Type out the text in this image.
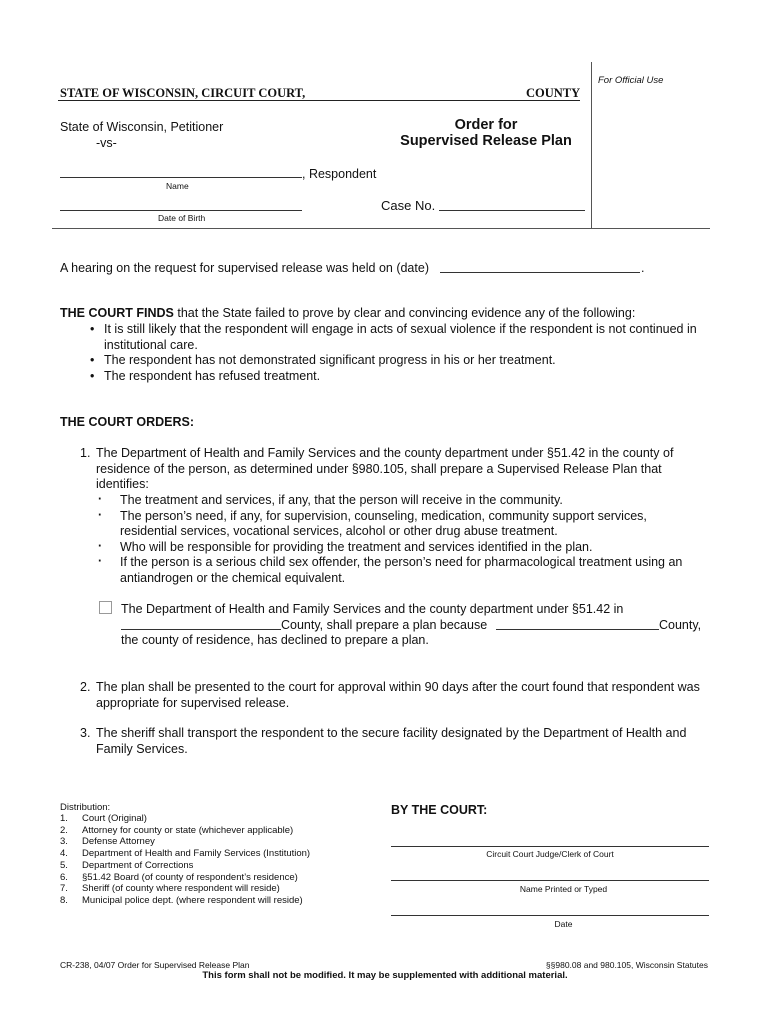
For Official Use
STATE OF WISCONSIN, CIRCUIT COURT,	COUNTY
State of Wisconsin, Petitioner
-vs-
, Respondent
Name
Date of Birth
Order for
Supervised Release Plan
Case No.
A hearing on the request for supervised release was held on (date)	.
THE COURT FINDS that the State failed to prove by clear and convincing evidence any of the following:
• It is still likely that the respondent will engage in acts of sexual violence if the respondent is not continued in institutional care.
• The respondent has not demonstrated significant progress in his or her treatment.
• The respondent has refused treatment.
THE COURT ORDERS:
1. The Department of Health and Family Services and the county department under §51.42 in the county of residence of the person, as determined under §980.105, shall prepare a Supervised Release Plan that identifies:
· The treatment and services, if any, that the person will receive in the community.
· The person’s need, if any, for supervision, counseling, medication, community support services, residential services, vocational services, alcohol or other drug abuse treatment.
· Who will be responsible for providing the treatment and services identified in the plan.
· If the person is a serious child sex offender, the person’s need for pharmacological treatment using an antiandrogen or the chemical equivalent.
The Department of Health and Family Services and the county department under §51.42 in
County, shall prepare a plan because	County,
the county of residence, has declined to prepare a plan.
2. The plan shall be presented to the court for approval within 90 days after the court found that respondent was appropriate for supervised release.
3. The sheriff shall transport the respondent to the secure facility designated by the Department of Health and Family Services.
Distribution:
1. Court (Original)
2. Attorney for county or state (whichever applicable)
3. Defense Attorney
4. Department of Health and Family Services (Institution)
5. Department of Corrections
6. §51.42 Board (of county of respondent’s residence)
7. Sheriff (of county where respondent will reside)
8. Municipal police dept. (where respondent will reside)
BY THE COURT:
Circuit Court Judge/Clerk of Court
Name Printed or Typed
Date
CR-238, 04/07 Order for Supervised Release Plan	§§980.08 and 980.105, Wisconsin Statutes
This form shall not be modified. It may be supplemented with additional material.
